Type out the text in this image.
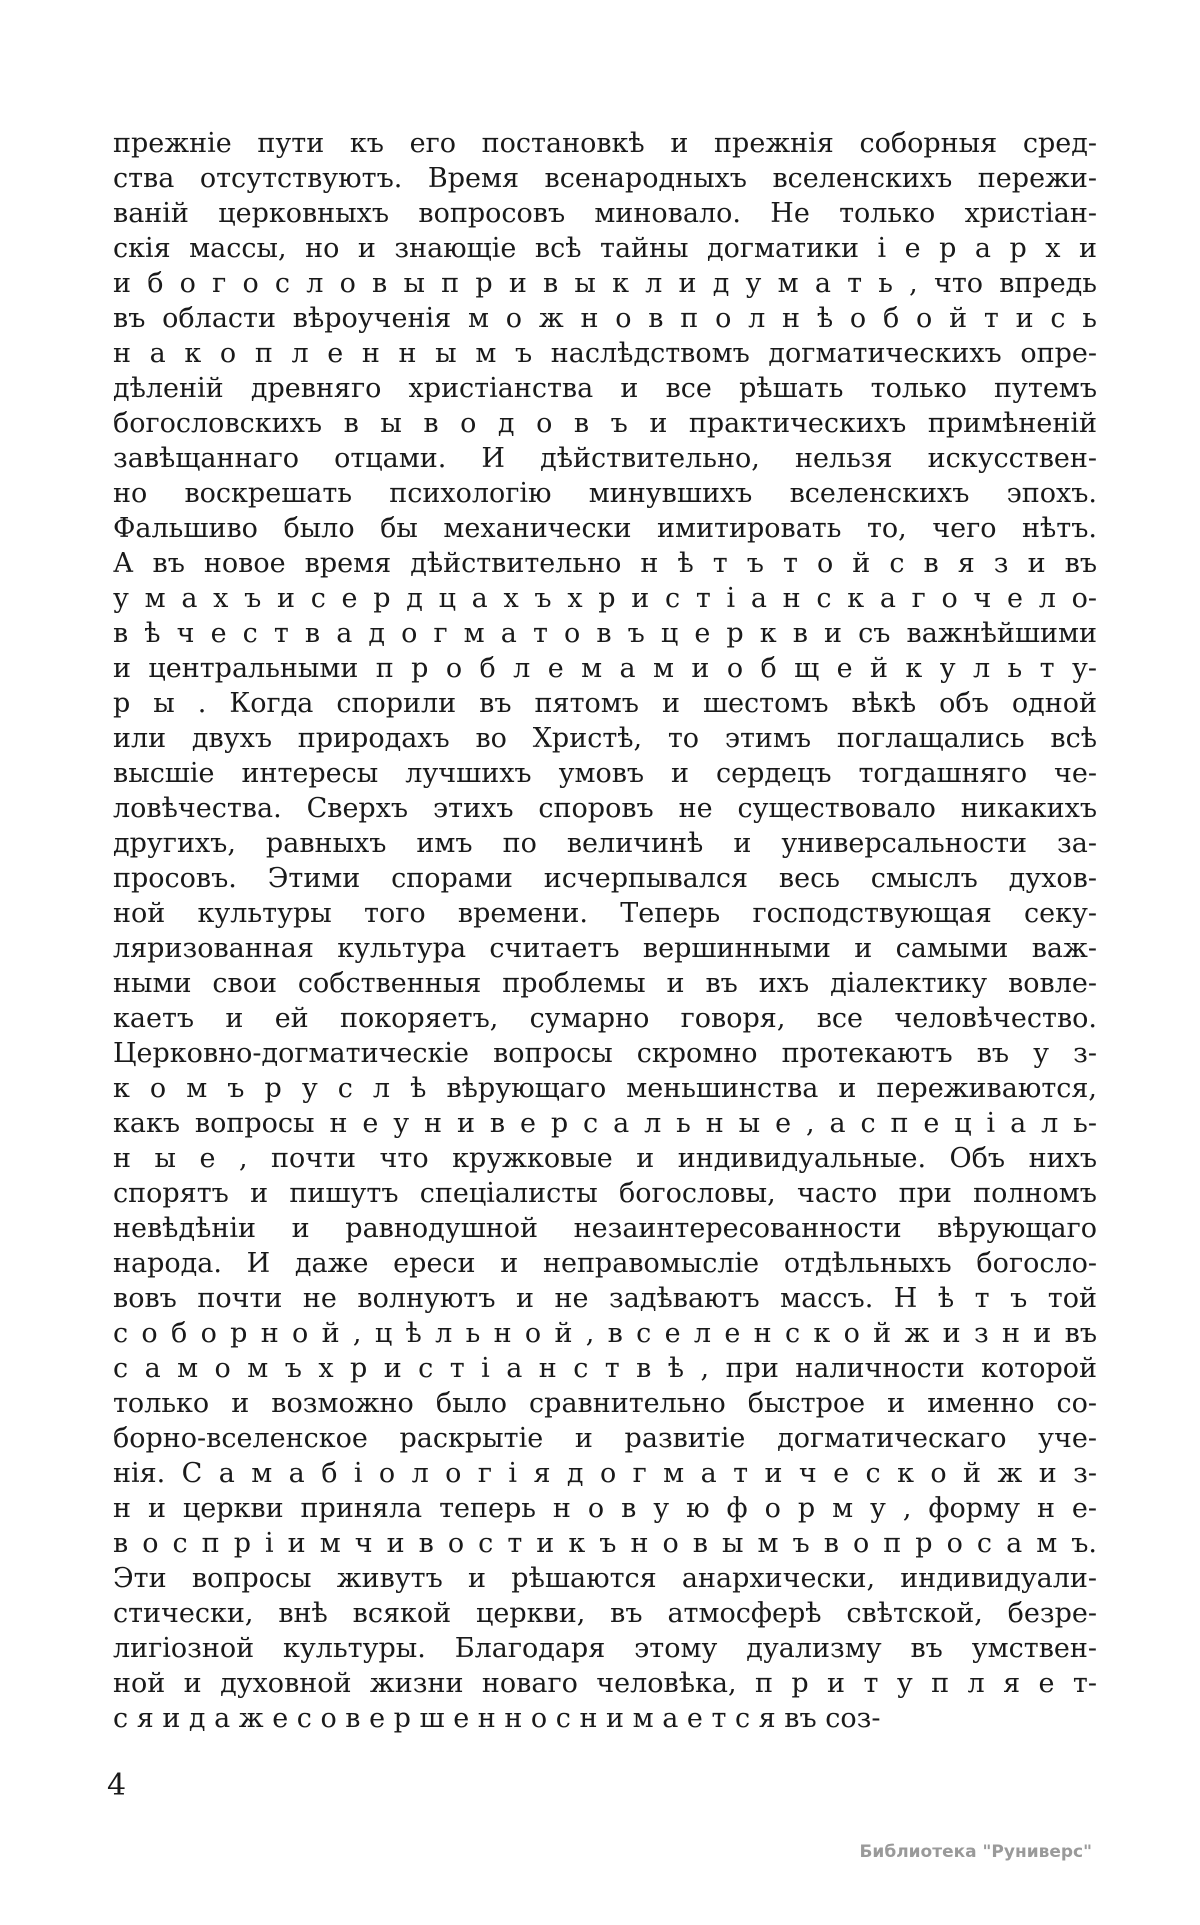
прежніе пути къ его постановкѣ и прежнія соборныя сред-
ства отсутствуютъ. Время всенародныхъ вселенскихъ пережи-
ваній церковныхъ вопросовъ миновало. Не только христіан-
скія массы, но и знающіе всѣ тайны догматики і е р а р х и
и б о г о с л о в ы п р и в ы к л и д у м а т ь , что впредь
въ области вѣроученія м о ж н о в п о л н ѣ о б о й т и с ь
н а к о п л е н н ы м ъ наслѣдствомъ догматическихъ опре-
дѣленій древняго христіанства и все рѣшать только путемъ
богословскихъ в ы в о д о в ъ и практическихъ примѣненій
завѣщаннаго отцами. И дѣйствительно, нельзя искусствен-
но воскрешать психологію минувшихъ вселенскихъ эпохъ.
Фальшиво было бы механически имитировать то, чего нѣтъ.
А въ новое время дѣйствительно н ѣ т ъ т о й с в я з и въ
у м а х ъ и с е р д ц а х ъ х р и с т і а н с к а г о ч е л о-
в ѣ ч е с т в а д о г м а т о в ъ ц е р к в и съ важнѣйшими
и центральными п р о б л е м а м и о б щ е й к у л ь т у-
р ы . Когда спорили въ пятомъ и шестомъ вѣкѣ объ одной
или двухъ природахъ во Христѣ, то этимъ поглащались всѣ
высшіе интересы лучшихъ умовъ и сердецъ тогдашняго че-
ловѣчества. Сверхъ этихъ споровъ не существовало никакихъ
другихъ, равныхъ имъ по величинѣ и универсальности за-
просовъ. Этими спорами исчерпывался весь смыслъ духов-
ной культуры того времени. Теперь господствующая секу-
ляризованная культура считаетъ вершинными и самыми важ-
ными свои собственныя проблемы и въ ихъ діалектику вовле-
каетъ и ей покоряетъ, сумарно говоря, все человѣчество.
Церковно-догматическіе вопросы скромно протекаютъ въ у з-
к о м ъ р у с л ѣ вѣрующаго меньшинства и переживаются,
какъ вопросы н е у н и в е р с а л ь н ы е , а с п е ц і а л ь-
н ы е , почти что кружковые и индивидуальные. Объ нихъ
спорятъ и пишутъ спеціалисты богословы, часто при полномъ
невѣдѣніи и равнодушной незаинтересованности вѣрующаго
народа. И даже ереси и неправомысліе отдѣльныхъ богосло-
вовъ почти не волнуютъ и не задѣваютъ массъ. Н ѣ т ъ той
с о б о р н о й , ц ѣ л ь н о й , в с е л е н с к о й ж и з н и въ
с а м о м ъ х р и с т і а н с т в ѣ , при наличности которой
только и возможно было сравнительно быстрое и именно со-
борно-вселенское раскрытіе и развитіе догматическаго уче-
нія. С а м а б і о л о г і я д о г м а т и ч е с к о й ж и з-
н и церкви приняла теперь н о в у ю ф о р м у , форму н е-
в о с п р і и м ч и в о с т и к ъ н о в ы м ъ в о п р о с а м ъ.
Эти вопросы живутъ и рѣшаются анархически, индивидуали-
стически, внѣ всякой церкви, въ атмосферѣ свѣтской, безре-
лигіозной культуры. Благодаря этому дуализму въ умствен-
ной и духовной жизни новаго человѣка, п р и т у п л я е т-
с я и д а ж е с о в е р ш е н н о с н и м а е т с я въ соз-
4
Библиотека "Руниверс"
